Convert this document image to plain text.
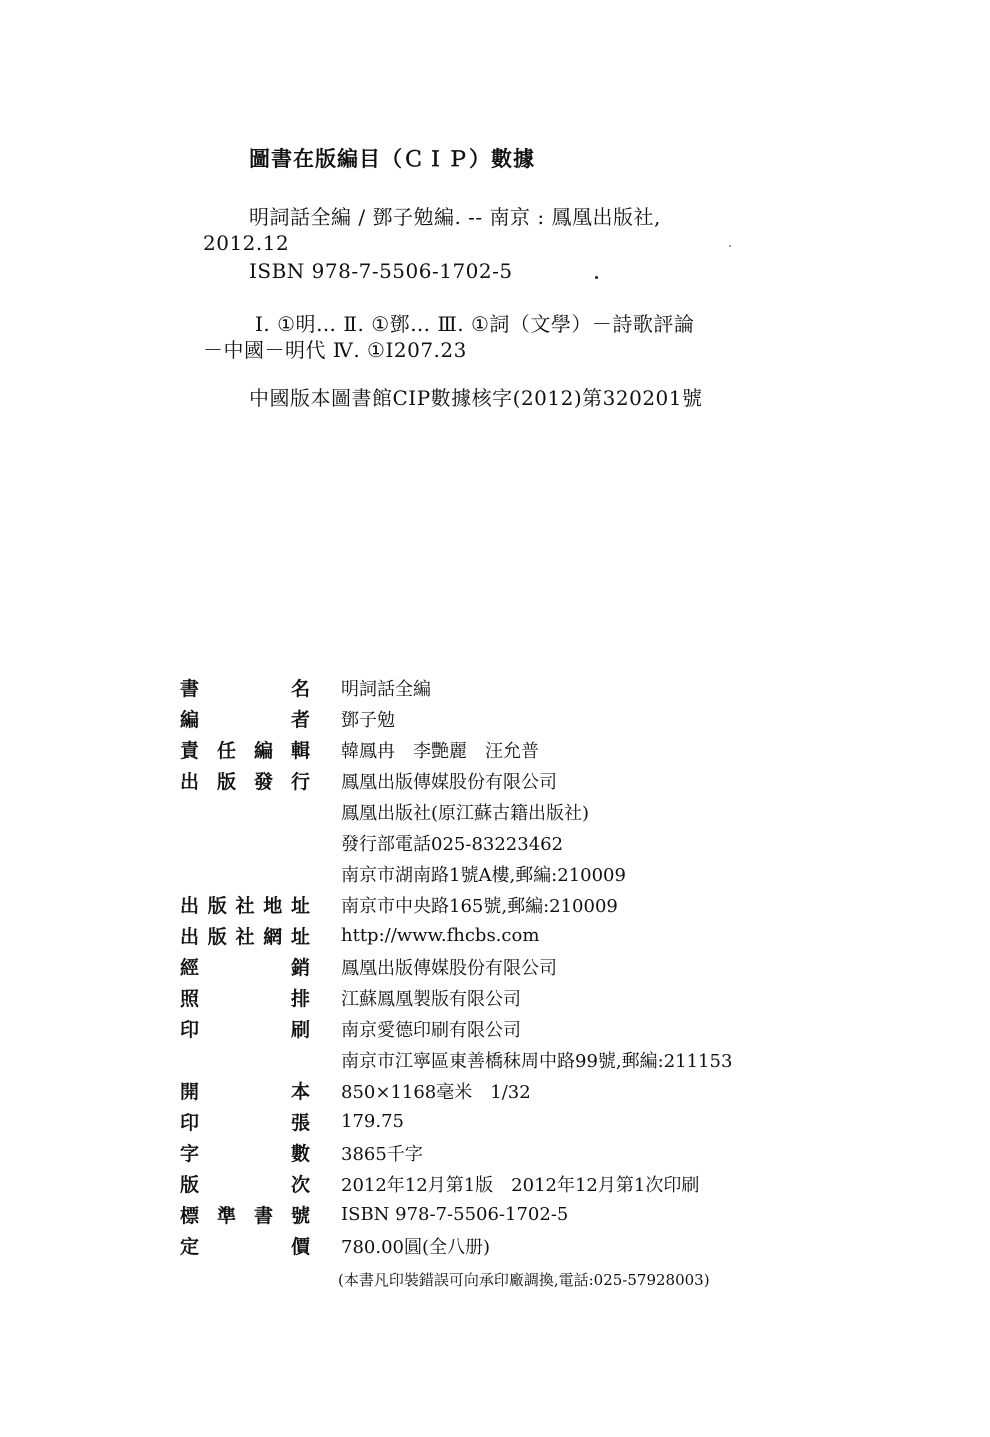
圖書在版編目（ＣＩＰ）數據
明詞話全編 / 鄧子勉編. -- 南京 : 鳳凰出版社,
2012.12
ISBN 978-7-5506-1702-5
Ⅰ. ①明… Ⅱ. ①鄧… Ⅲ. ①詞（文學）－詩歌評論
－中國－明代 Ⅳ. ①I207.23
中國版本圖書館CIP數據核字(2012)第320201號
書	名 明詞話全編
編	者 鄧子勉
責 任 編 輯 韓鳳冉　李艷麗　汪允普
出 版 發 行 鳳凰出版傳媒股份有限公司
鳳凰出版社(原江蘇古籍出版社)
發行部電話025-83223462
南京市湖南路1號A樓,郵編:210009
出 版 社 地 址 南京市中央路165號,郵編:210009
出 版 社 網 址 http://www.fhcbs.com
經	銷 鳳凰出版傳媒股份有限公司
照	排 江蘇鳳凰製版有限公司
印	刷 南京愛德印刷有限公司
南京市江寧區東善橋秣周中路99號,郵編:211153
開	本 850×1168毫米　1/32
印	張 179.75
字	數 3865千字
版	次 2012年12月第1版　2012年12月第1次印刷
標 準 書 號 ISBN 978-7-5506-1702-5
定	價 780.00圓(全八册)
(本書凡印裝錯誤可向承印廠調換,電話:025-57928003)
